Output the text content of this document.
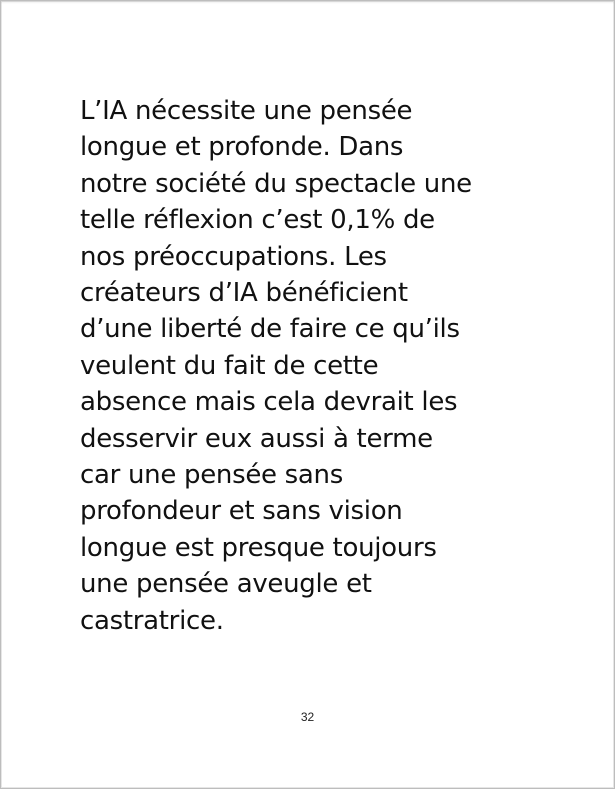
L’IA nécessite une pensée
longue et profonde. Dans
notre société du spectacle une
telle réflexion c’est 0,1% de
nos préoccupations. Les
créateurs d’IA bénéficient
d’une liberté de faire ce qu’ils
veulent du fait de cette
absence mais cela devrait les
desservir eux aussi à terme
car une pensée sans
profondeur et sans vision
longue est presque toujours
une pensée aveugle et
castratrice.

32
